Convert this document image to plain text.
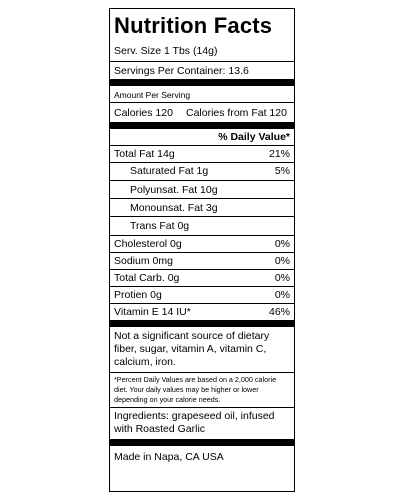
Nutrition Facts
Serv. Size 1 Tbs (14g)
Servings Per Container: 13.6
Amount Per Serving
Calories 120 Calories from Fat 120
% Daily Value*
Total Fat 14g	21%
Saturated Fat 1g	5%
Polyunsat. Fat 10g
Monounsat. Fat 3g
Trans Fat 0g
Cholesterol 0g	0%
Sodium 0mg	0%
Total Carb. 0g	0%
Protien 0g	0%
Vitamin E 14 IU*	46%
Not a significant source of dietary fiber, sugar, vitamin A, vitamin C, calcium, iron.
*Percent Daily Values are based on a 2,000 calorie diet. Your daily values may be higher or lower depending on your calorie needs.
Ingredients: grapeseed oil, infused with Roasted Garlic
Made in Napa, CA USA
